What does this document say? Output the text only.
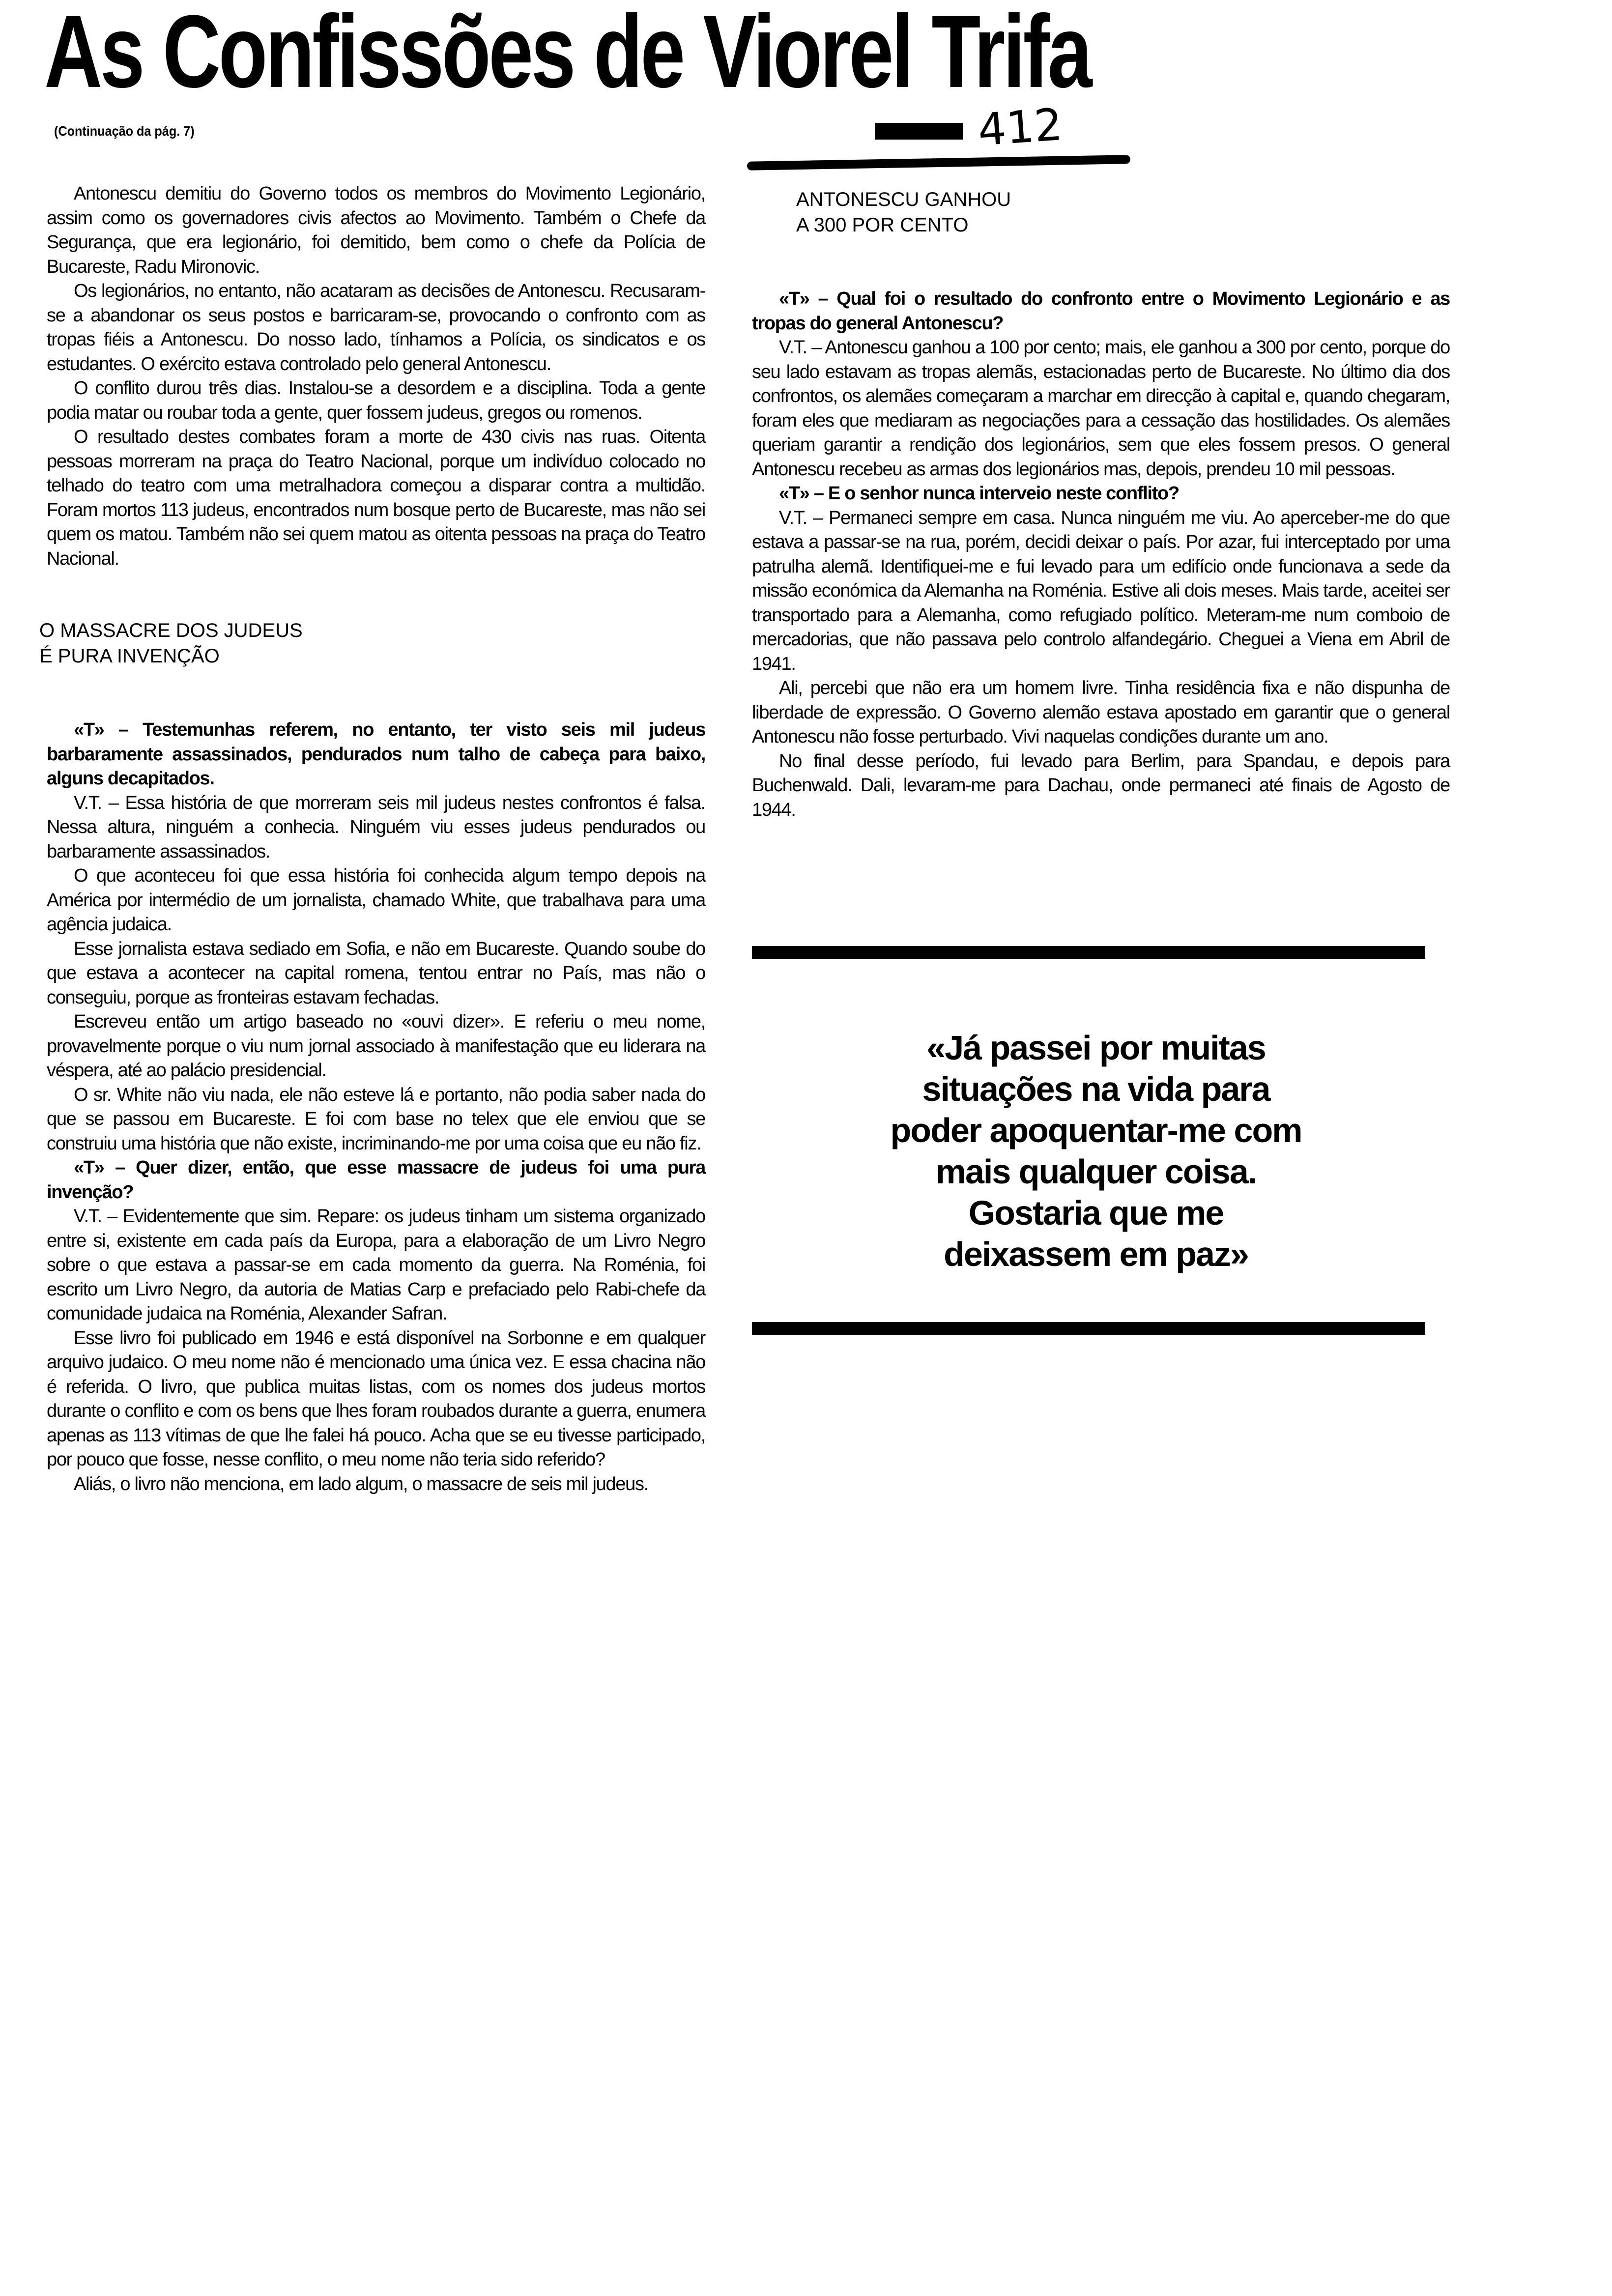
As Confissões de Viorel Trifa
(Continuação da pág. 7)	412

Antonescu demitiu do Governo todos os membros do Movimento Legionário, assim como os governadores civis afectos ao Movimento. Também o Chefe da Segurança, que era legionário, foi demitido, bem como o chefe da Polícia de Bucareste, Radu Mironovic.

Os legionários, no entanto, não acataram as decisões de Antonescu. Recusaram-se a abandonar os seus postos e barricaram-se, provocando o confronto com as tropas fiéis a Antonescu. Do nosso lado, tínhamos a Polícia, os sindicatos e os estudantes. O exército estava controlado pelo general Antonescu.

O conflito durou três dias. Instalou-se a desordem e a disciplina. Toda a gente podia matar ou roubar toda a gente, quer fossem judeus, gregos ou romenos.

O resultado destes combates foram a morte de 430 civis nas ruas. Oitenta pessoas morreram na praça do Teatro Nacional, porque um indivíduo colocado no telhado do teatro com uma metralhadora começou a disparar contra a multidão. Foram mortos 113 judeus, encontrados num bosque perto de Bucareste, mas não sei quem os matou. Também não sei quem matou as oitenta pessoas na praça do Teatro Nacional.

O MASSACRE DOS JUDEUS
É PURA INVENÇÃO

«T» – Testemunhas referem, no entanto, ter visto seis mil judeus barbaramente assassinados, pendurados num talho de cabeça para baixo, alguns decapitados.

V.T. – Essa história de que morreram seis mil judeus nestes confrontos é falsa. Nessa altura, ninguém a conhecia. Ninguém viu esses judeus pendurados ou barbaramente assassinados.

O que aconteceu foi que essa história foi conhecida algum tempo depois na América por intermédio de um jornalista, chamado White, que trabalhava para uma agência judaica.

Esse jornalista estava sediado em Sofia, e não em Bucareste. Quando soube do que estava a acontecer na capital romena, tentou entrar no País, mas não o conseguiu, porque as fronteiras estavam fechadas.

Escreveu então um artigo baseado no «ouvi dizer». E referiu o meu nome, provavelmente porque o viu num jornal associado à manifestação que eu liderara na véspera, até ao palácio presidencial.

O sr. White não viu nada, ele não esteve lá e portanto, não podia saber nada do que se passou em Bucareste. E foi com base no telex que ele enviou que se construiu uma história que não existe, incriminando-me por uma coisa que eu não fiz.

«T» – Quer dizer, então, que esse massacre de judeus foi uma pura invenção?

V.T. – Evidentemente que sim. Repare: os judeus tinham um sistema organizado entre si, existente em cada país da Europa, para a elaboração de um Livro Negro sobre o que estava a passar-se em cada momento da guerra. Na Roménia, foi escrito um Livro Negro, da autoria de Matias Carp e prefaciado pelo Rabi-chefe da comunidade judaica na Roménia, Alexander Safran.

Esse livro foi publicado em 1946 e está disponível na Sorbonne e em qualquer arquivo judaico. O meu nome não é mencionado uma única vez. E essa chacina não é referida. O livro, que publica muitas listas, com os nomes dos judeus mortos durante o conflito e com os bens que lhes foram roubados durante a guerra, enumera apenas as 113 vítimas de que lhe falei há pouco. Acha que se eu tivesse participado, por pouco que fosse, nesse conflito, o meu nome não teria sido referido?

Aliás, o livro não menciona, em lado algum, o massacre de seis mil judeus.

ANTONESCU GANHOU
A 300 POR CENTO

«T» – Qual foi o resultado do confronto entre o Movimento Legionário e as tropas do general Antonescu?

V.T. – Antonescu ganhou a 100 por cento; mais, ele ganhou a 300 por cento, porque do seu lado estavam as tropas alemãs, estacionadas perto de Bucareste. No último dia dos confrontos, os alemães começaram a marchar em direcção à capital e, quando chegaram, foram eles que mediaram as negociações para a cessação das hostilidades. Os alemães queriam garantir a rendição dos legionários, sem que eles fossem presos. O general Antonescu recebeu as armas dos legionários mas, depois, prendeu 10 mil pessoas.

«T» – E o senhor nunca interveio neste conflito?

V.T. – Permaneci sempre em casa. Nunca ninguém me viu. Ao aperceber-me do que estava a passar-se na rua, porém, decidi deixar o país. Por azar, fui interceptado por uma patrulha alemã. Identifiquei-me e fui levado para um edifício onde funcionava a sede da missão económica da Alemanha na Roménia. Estive ali dois meses. Mais tarde, aceitei ser transportado para a Alemanha, como refugiado político. Meteram-me num comboio de mercadorias, que não passava pelo controlo alfandegário. Cheguei a Viena em Abril de 1941.

Ali, percebi que não era um homem livre. Tinha residência fixa e não dispunha de liberdade de expressão. O Governo alemão estava apostado em garantir que o general Antonescu não fosse perturbado. Vivi naquelas condições durante um ano.

No final desse período, fui levado para Berlim, para Spandau, e depois para Buchenwald. Dali, levaram-me para Dachau, onde permaneci até finais de Agosto de 1944.

«Já passei por muitas
situações na vida para
poder apoquentar-me com
mais qualquer coisa.
Gostaria que me
deixassem em paz»
